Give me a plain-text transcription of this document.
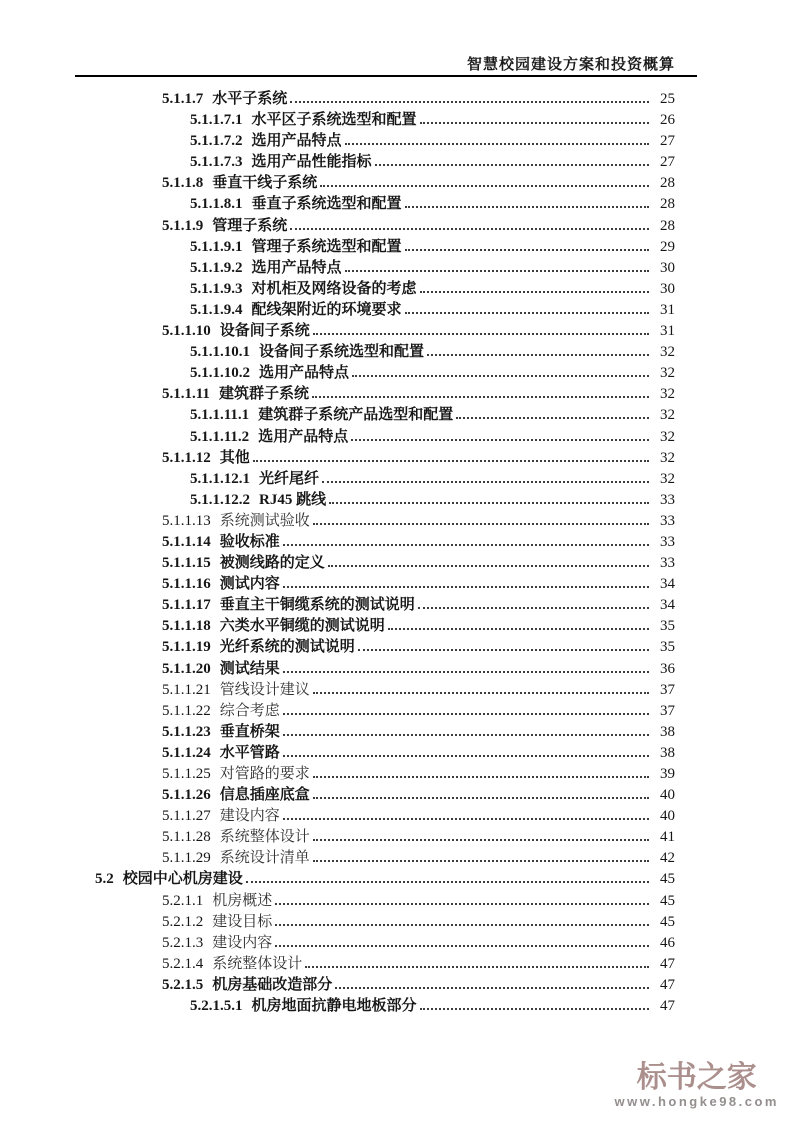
智慧校园建设方案和投资概算
5.1.1.7 水平子系统	25
5.1.1.7.1 水平区子系统选型和配置	26
5.1.1.7.2 选用产品特点	27
5.1.1.7.3 选用产品性能指标	27
5.1.1.8 垂直干线子系统	28
5.1.1.8.1 垂直子系统选型和配置	28
5.1.1.9 管理子系统	28
5.1.1.9.1 管理子系统选型和配置	29
5.1.1.9.2 选用产品特点	30
5.1.1.9.3 对机柜及网络设备的考虑	30
5.1.1.9.4 配线架附近的环境要求	31
5.1.1.10 设备间子系统	31
5.1.1.10.1 设备间子系统选型和配置	32
5.1.1.10.2 选用产品特点	32
5.1.1.11 建筑群子系统	32
5.1.1.11.1 建筑群子系统产品选型和配置	32
5.1.1.11.2 选用产品特点	32
5.1.1.12 其他	32
5.1.1.12.1 光纤尾纤	32
5.1.1.12.2 RJ45 跳线	33
5.1.1.13 系统测试验收	33
5.1.1.14 验收标准	33
5.1.1.15 被测线路的定义	33
5.1.1.16 测试内容	34
5.1.1.17 垂直主干铜缆系统的测试说明	34
5.1.1.18 六类水平铜缆的测试说明	35
5.1.1.19 光纤系统的测试说明	35
5.1.1.20 测试结果	36
5.1.1.21 管线设计建议	37
5.1.1.22 综合考虑	37
5.1.1.23 垂直桥架	38
5.1.1.24 水平管路	38
5.1.1.25 对管路的要求	39
5.1.1.26 信息插座底盒	40
5.1.1.27 建设内容	40
5.1.1.28 系统整体设计	41
5.1.1.29 系统设计清单	42
5.2 校园中心机房建设	45
5.2.1.1 机房概述	45
5.2.1.2 建设目标	45
5.2.1.3 建设内容	46
5.2.1.4 系统整体设计	47
5.2.1.5 机房基础改造部分	47
5.2.1.5.1 机房地面抗静电地板部分	47
标书之家
www.hongke98.com
